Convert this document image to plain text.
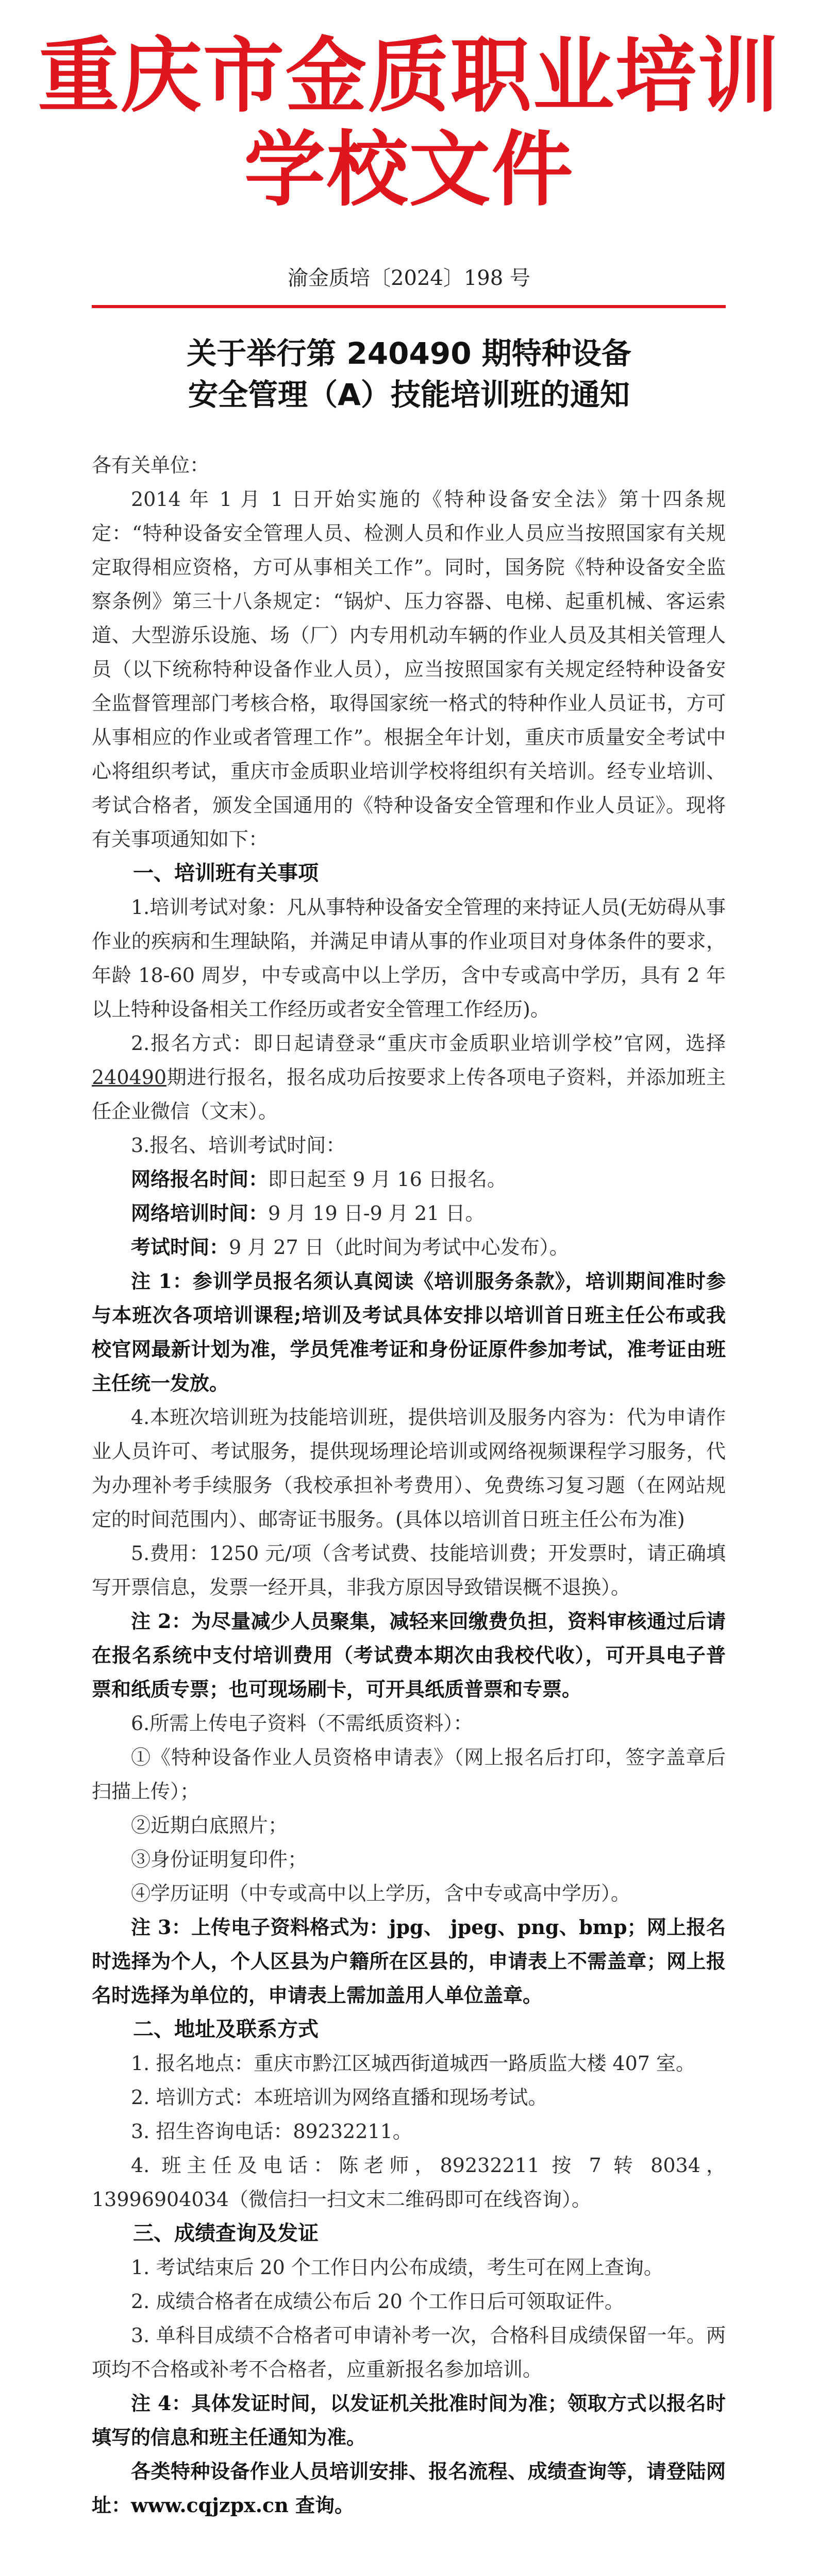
重庆市金质职业培训学校文件
渝金质培〔2024〕198 号
关于举行第 240490 期特种设备
安全管理（A）技能培训班的通知

各有关单位：

2014 年 1 月 1 日开始实施的《特种设备安全法》第十四条规定：“特种设备安全管理人员、检测人员和作业人员应当按照国家有关规定取得相应资格，方可从事相关工作”。同时，国务院《特种设备安全监察条例》第三十八条规定：“锅炉、压力容器、电梯、起重机械、客运索道、大型游乐设施、场（厂）内专用机动车辆的作业人员及其相关管理人员（以下统称特种设备作业人员），应当按照国家有关规定经特种设备安全监督管理部门考核合格，取得国家统一格式的特种作业人员证书，方可从事相应的作业或者管理工作”。根据全年计划，重庆市质量安全考试中心将组织考试，重庆市金质职业培训学校将组织有关培训。经专业培训、考试合格者，颁发全国通用的《特种设备安全管理和作业人员证》。现将有关事项通知如下：

一、培训班有关事项

1.培训考试对象：凡从事特种设备安全管理的来持证人员(无妨碍从事作业的疾病和生理缺陷，并满足申请从事的作业项目对身体条件的要求，年龄 18-60 周岁，中专或高中以上学历，含中专或高中学历，具有 2 年以上特种设备相关工作经历或者安全管理工作经历)。

2.报名方式：即日起请登录“重庆市金质职业培训学校”官网，选择 240490期进行报名，报名成功后按要求上传各项电子资料，并添加班主任企业微信（文末）。

3.报名、培训考试时间：

网络报名时间：即日起至 9 月 16 日报名。

网络培训时间：9 月 19 日-9 月 21 日。

考试时间：9 月 27 日（此时间为考试中心发布）。

注 1：参训学员报名须认真阅读《培训服务条款》，培训期间准时参与本班次各项培训课程;培训及考试具体安排以培训首日班主任公布或我校官网最新计划为准，学员凭准考证和身份证原件参加考试，准考证由班主任统一发放。

4.本班次培训班为技能培训班，提供培训及服务内容为：代为申请作业人员许可、考试服务，提供现场理论培训或网络视频课程学习服务，代为办理补考手续服务（我校承担补考费用）、免费练习复习题（在网站规定的时间范围内）、邮寄证书服务。(具体以培训首日班主任公布为准)

5.费用：1250 元/项（含考试费、技能培训费；开发票时，请正确填写开票信息，发票一经开具，非我方原因导致错误概不退换）。

注 2：为尽量减少人员聚集，减轻来回缴费负担，资料审核通过后请在报名系统中支付培训费用（考试费本期次由我校代收），可开具电子普票和纸质专票；也可现场刷卡，可开具纸质普票和专票。

6.所需上传电子资料（不需纸质资料）：

①《特种设备作业人员资格申请表》（网上报名后打印，签字盖章后扫描上传）；

②近期白底照片；

③身份证明复印件；

④学历证明（中专或高中以上学历，含中专或高中学历）。

注 3：上传电子资料格式为：jpg、 jpeg、png、bmp；网上报名时选择为个人，个人区县为户籍所在区县的，申请表上不需盖章；网上报名时选择为单位的，申请表上需加盖用人单位盖章。

二、地址及联系方式

1. 报名地点：重庆市黔江区城西街道城西一路质监大楼 407 室。

2. 培训方式：本班培训为网络直播和现场考试。

3. 招生咨询电话：89232211。

4. 班主任及电话：陈老师，89232211 按 7 转 8034，13996904034（微信扫一扫文末二维码即可在线咨询）。

三、成绩查询及发证

1. 考试结束后 20 个工作日内公布成绩，考生可在网上查询。

2. 成绩合格者在成绩公布后 20 个工作日后可领取证件。

3. 单科目成绩不合格者可申请补考一次，合格科目成绩保留一年。两项均不合格或补考不合格者，应重新报名参加培训。

注 4：具体发证时间，以发证机关批准时间为准；领取方式以报名时填写的信息和班主任通知为准。

各类特种设备作业人员培训安排、报名流程、成绩查询等，请登陆网址：www.cqjzpx.cn 查询。
